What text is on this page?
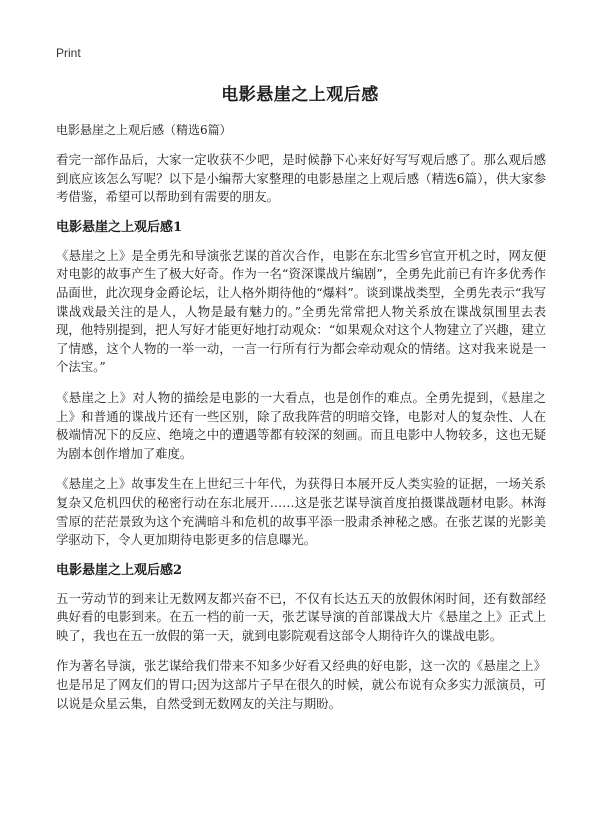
Print
电影悬崖之上观后感

电影悬崖之上观后感（精选6篇）

看完一部作品后，大家一定收获不少吧，是时候静下心来好好写写观后感了。那么观后感到底应该怎么写呢？以下是小编帮大家整理的电影悬崖之上观后感（精选6篇），供大家参考借鉴，希望可以帮助到有需要的朋友。

电影悬崖之上观后感1

《悬崖之上》是全勇先和导演张艺谋的首次合作，电影在东北雪乡官宣开机之时，网友便对电影的故事产生了极大好奇。作为一名“资深谍战片编剧”，全勇先此前已有许多优秀作品面世，此次现身金爵论坛，让人格外期待他的“爆料”。谈到谍战类型，全勇先表示“我写谍战戏最关注的是人，人物是最有魅力的。”全勇先常常把人物关系放在谍战氛围里去表现，他特别提到，把人写好才能更好地打动观众：“如果观众对这个人物建立了兴趣，建立了情感，这个人物的一举一动，一言一行所有行为都会牵动观众的情绪。这对我来说是一个法宝。”

《悬崖之上》对人物的描绘是电影的一大看点，也是创作的难点。全勇先提到，《悬崖之上》和普通的谍战片还有一些区别，除了敌我阵营的明暗交锋，电影对人的复杂性、人在极端情况下的反应、绝境之中的遭遇等都有较深的刻画。而且电影中人物较多，这也无疑为剧本创作增加了难度。

《悬崖之上》故事发生在上世纪三十年代，为获得日本展开反人类实验的证据，一场关系复杂又危机四伏的秘密行动在东北展开……这是张艺谋导演首度拍摄谍战题材电影。林海雪原的茫茫景致为这个充满暗斗和危机的故事平添一股肃杀神秘之感。在张艺谋的光影美学驱动下，令人更加期待电影更多的信息曝光。

电影悬崖之上观后感2

五一劳动节的到来让无数网友都兴奋不已，不仅有长达五天的放假休闲时间，还有数部经典好看的电影到来。在五一档的前一天，张艺谋导演的首部谍战大片《悬崖之上》正式上映了，我也在五一放假的第一天，就到电影院观看这部令人期待许久的谍战电影。

作为著名导演，张艺谋给我们带来不知多少好看又经典的好电影，这一次的《悬崖之上》也是吊足了网友们的胃口;因为这部片子早在很久的时候，就公布说有众多实力派演员，可以说是众星云集，自然受到无数网友的关注与期盼。
